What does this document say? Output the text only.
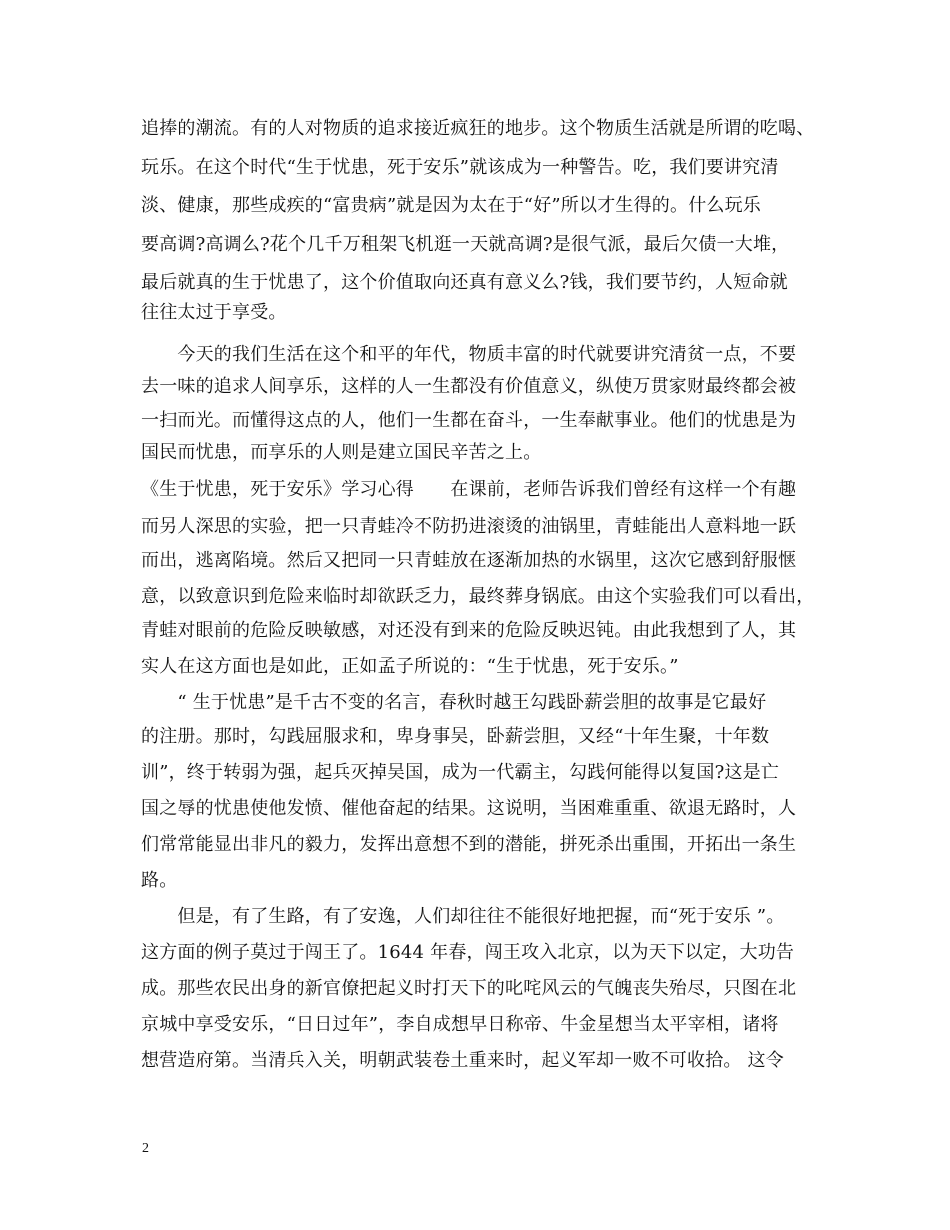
追捧的潮流。有的人对物质的追求接近疯狂的地步。这个物质生活就是所谓的吃喝、
玩乐。在这个时代“生于忧患，死于安乐”就该成为一种警告。吃，我们要讲究清
淡、健康，那些成疾的“富贵病”就是因为太在于“好”所以才生得的。什么玩乐
要高调?高调么?花个几千万租架飞机逛一天就高调?是很气派，最后欠债一大堆，
最后就真的生于忧患了，这个价值取向还真有意义么?钱，我们要节约，人短命就
往往太过于享受。
　　今天的我们生活在这个和平的年代，物质丰富的时代就要讲究清贫一点，不要
去一味的追求人间享乐，这样的人一生都没有价值意义，纵使万贯家财最终都会被
一扫而光。而懂得这点的人，他们一生都在奋斗，一生奉献事业。他们的忧患是为
国民而忧患，而享乐的人则是建立国民辛苦之上。
《生于忧患，死于安乐》学习心得　　在课前，老师告诉我们曾经有这样一个有趣
而另人深思的实验，把一只青蛙冷不防扔进滚烫的油锅里，青蛙能出人意料地一跃
而出，逃离陷境。然后又把同一只青蛙放在逐渐加热的水锅里，这次它感到舒服惬
意，以致意识到危险来临时却欲跃乏力，最终葬身锅底。由这个实验我们可以看出，
青蛙对眼前的危险反映敏感，对还没有到来的危险反映迟钝。由此我想到了人，其
实人在这方面也是如此，正如孟子所说的：“生于忧患，死于安乐。”
　　“ 生于忧患”是千古不变的名言，春秋时越王勾践卧薪尝胆的故事是它最好
的注册。那时，勾践屈服求和，卑身事吴，卧薪尝胆，又经“十年生聚，十年数
训”，终于转弱为强，起兵灭掉吴国，成为一代霸主，勾践何能得以复国?这是亡
国之辱的忧患使他发愤、催他奋起的结果。这说明，当困难重重、欲退无路时，人
们常常能显出非凡的毅力，发挥出意想不到的潜能，拼死杀出重围，开拓出一条生
路。
　　但是，有了生路，有了安逸，人们却往往不能很好地把握，而“死于安乐 ”。
这方面的例子莫过于闯王了。1644 年春，闯王攻入北京，以为天下以定，大功告
成。那些农民出身的新官僚把起义时打天下的叱咤风云的气魄丧失殆尽，只图在北
京城中享受安乐，“日日过年”，李自成想早日称帝、牛金星想当太平宰相，诸将
想营造府第。当清兵入关，明朝武装卷土重来时，起义军却一败不可收拾。 这令
2
